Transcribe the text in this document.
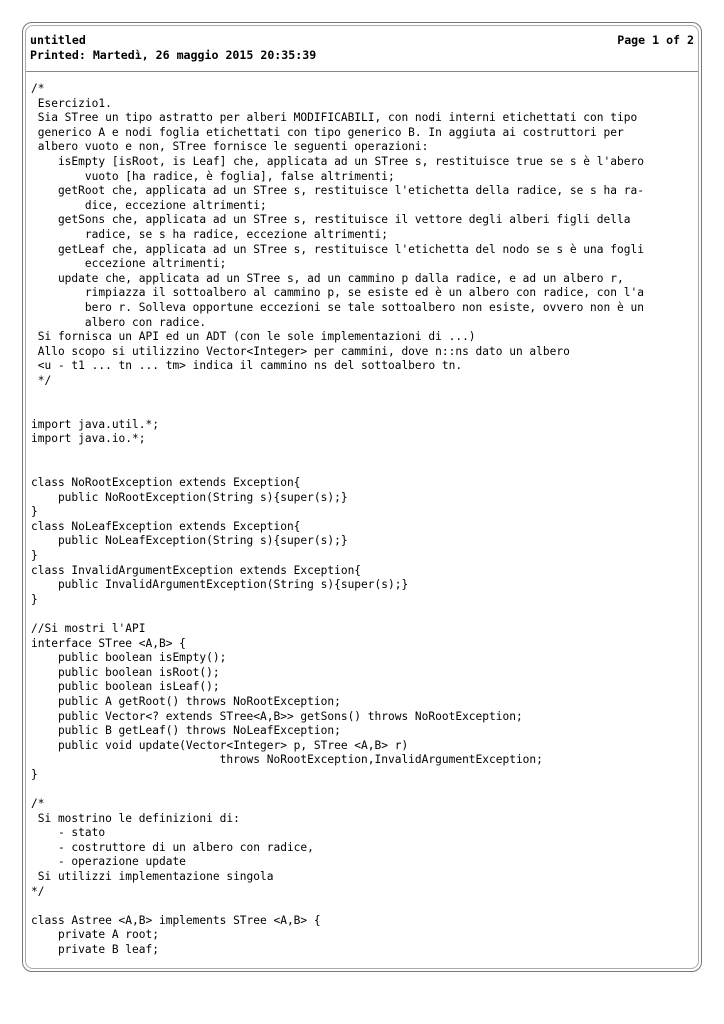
untitled	Page 1 of 2
Printed: Martedì, 26 maggio 2015 20:35:39
/*
Esercizio1.
Sia STree un tipo astratto per alberi MODIFICABILI, con nodi interni etichettati con tipo
generico A e nodi foglia etichettati con tipo generico B. In aggiuta ai costruttori per
albero vuoto e non, STree fornisce le seguenti operazioni:
isEmpty [isRoot, is Leaf] che, applicata ad un STree s, restituisce true se s è l'abero
vuoto [ha radice, è foglia], false altrimenti;
getRoot che, applicata ad un STree s, restituisce l'etichetta della radice, se s ha ra-
dice, eccezione altrimenti;
getSons che, applicata ad un STree s, restituisce il vettore degli alberi figli della
radice, se s ha radice, eccezione altrimenti;
getLeaf che, applicata ad un STree s, restituisce l'etichetta del nodo se s è una fogli
eccezione altrimenti;
update che, applicata ad un STree s, ad un cammino p dalla radice, e ad un albero r,
rimpiazza il sottoalbero al cammino p, se esiste ed è un albero con radice, con l'a
bero r. Solleva opportune eccezioni se tale sottoalbero non esiste, ovvero non è un
albero con radice.
Si fornisca un API ed un ADT (con le sole implementazioni di ...)
Allo scopo si utilizzino Vector<Integer> per cammini, dove n::ns dato un albero
<u - t1 ... tn ... tm> indica il cammino ns del sottoalbero tn.
*/
import java.util.*;
import java.io.*;
class NoRootException extends Exception{
public NoRootException(String s){super(s);}
}
class NoLeafException extends Exception{
public NoLeafException(String s){super(s);}
}
class InvalidArgumentException extends Exception{
public InvalidArgumentException(String s){super(s);}
}
//Si mostri l'API
interface STree <A,B> {
public boolean isEmpty();
public boolean isRoot();
public boolean isLeaf();
public A getRoot() throws NoRootException;
public Vector<? extends STree<A,B>> getSons() throws NoRootException;
public B getLeaf() throws NoLeafException;
public void update(Vector<Integer> p, STree <A,B> r)
throws NoRootException,InvalidArgumentException;
}
/*
Si mostrino le definizioni di:
- stato
- costruttore di un albero con radice,
- operazione update
Si utilizzi implementazione singola
*/
class Astree <A,B> implements STree <A,B> {
private A root;
private B leaf;
